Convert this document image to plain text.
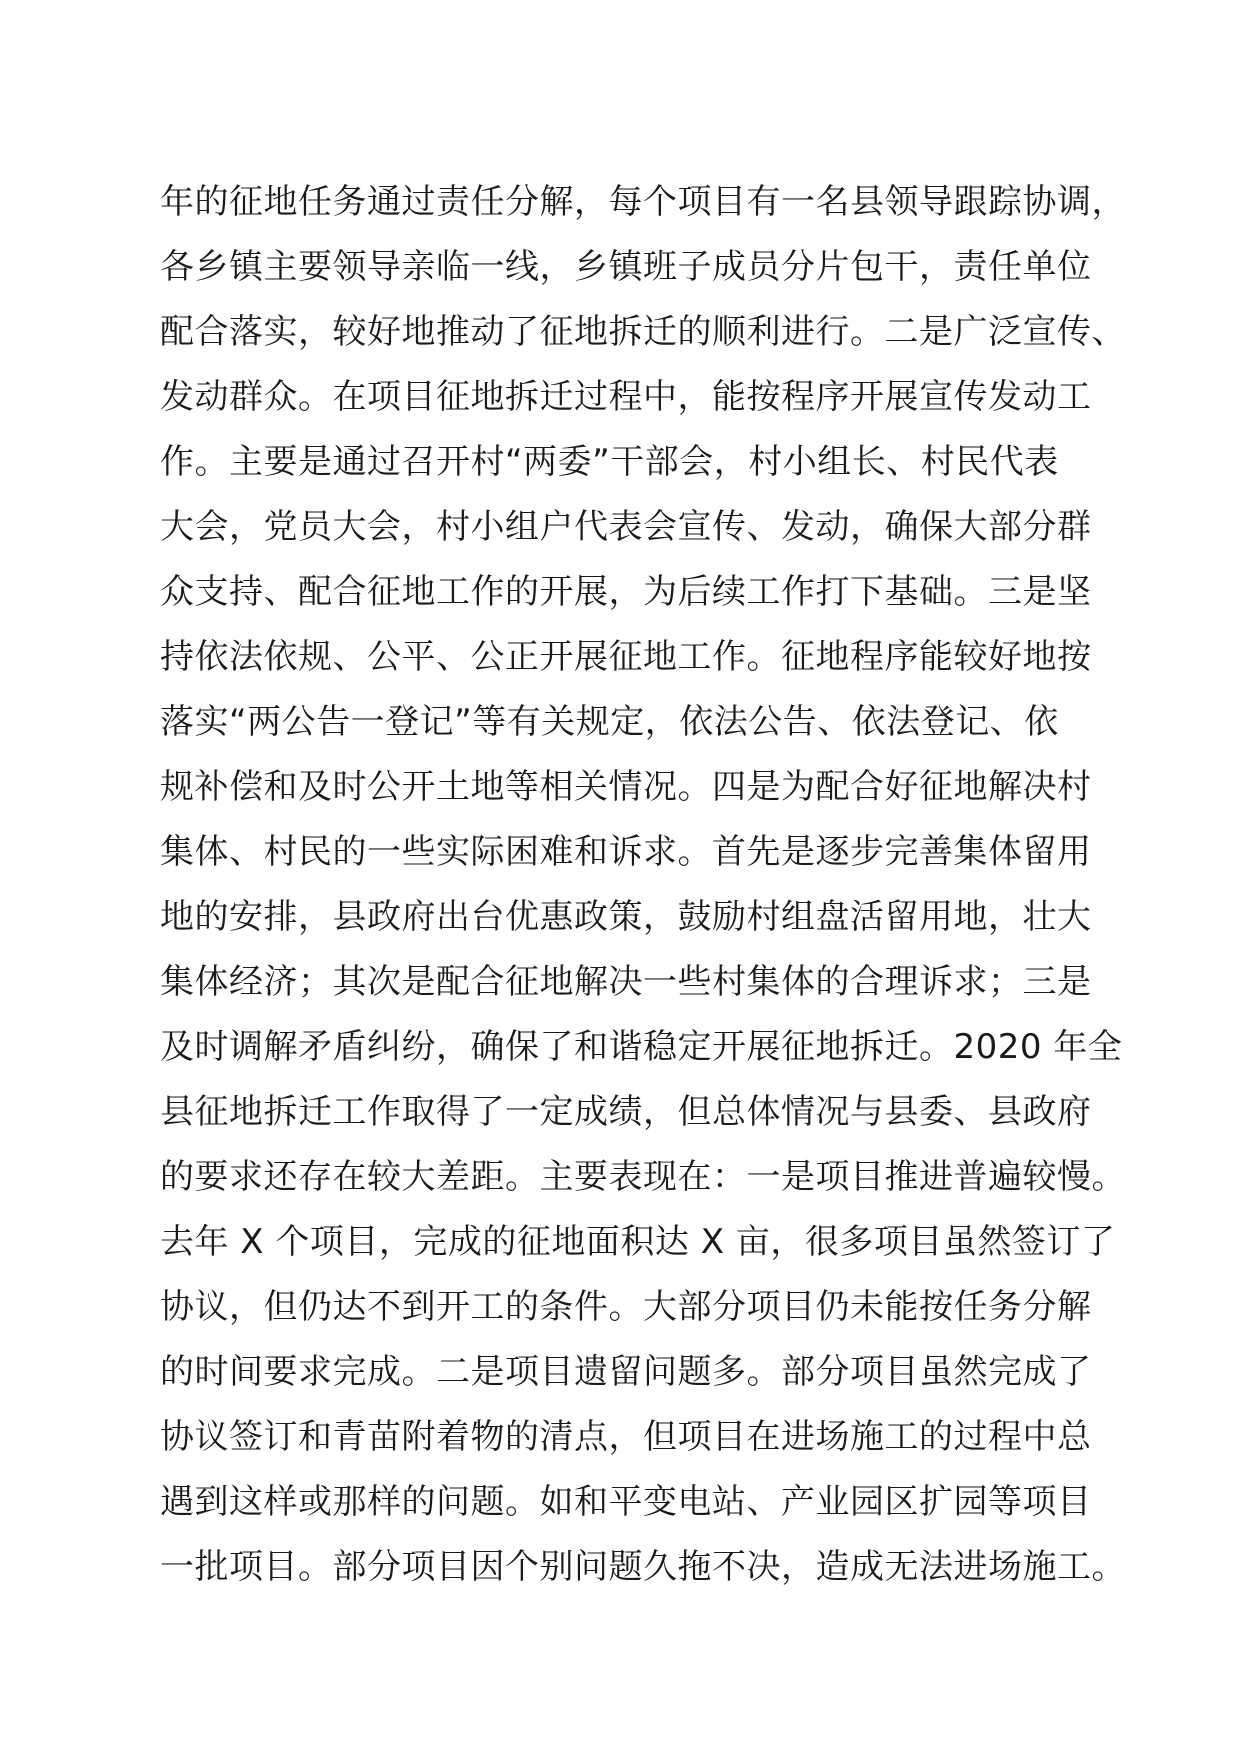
年的征地任务通过责任分解，每个项目有一名县领导跟踪协调，
各乡镇主要领导亲临一线，乡镇班子成员分片包干，责任单位
配合落实，较好地推动了征地拆迁的顺利进行。二是广泛宣传、
发动群众。在项目征地拆迁过程中，能按程序开展宣传发动工
作。主要是通过召开村“两委”干部会，村小组长、村民代表
大会，党员大会，村小组户代表会宣传、发动，确保大部分群
众支持、配合征地工作的开展，为后续工作打下基础。三是坚
持依法依规、公平、公正开展征地工作。征地程序能较好地按
落实“两公告一登记”等有关规定，依法公告、依法登记、依
规补偿和及时公开土地等相关情况。四是为配合好征地解决村
集体、村民的一些实际困难和诉求。首先是逐步完善集体留用
地的安排，县政府出台优惠政策，鼓励村组盘活留用地，壮大
集体经济；其次是配合征地解决一些村集体的合理诉求；三是
及时调解矛盾纠纷，确保了和谐稳定开展征地拆迁。2020 年全
县征地拆迁工作取得了一定成绩，但总体情况与县委、县政府
的要求还存在较大差距。主要表现在：一是项目推进普遍较慢。
去年 X 个项目，完成的征地面积达 X 亩，很多项目虽然签订了
协议，但仍达不到开工的条件。大部分项目仍未能按任务分解
的时间要求完成。二是项目遗留问题多。部分项目虽然完成了
协议签订和青苗附着物的清点，但项目在进场施工的过程中总
遇到这样或那样的问题。如和平变电站、产业园区扩园等项目
一批项目。部分项目因个别问题久拖不决，造成无法进场施工。
